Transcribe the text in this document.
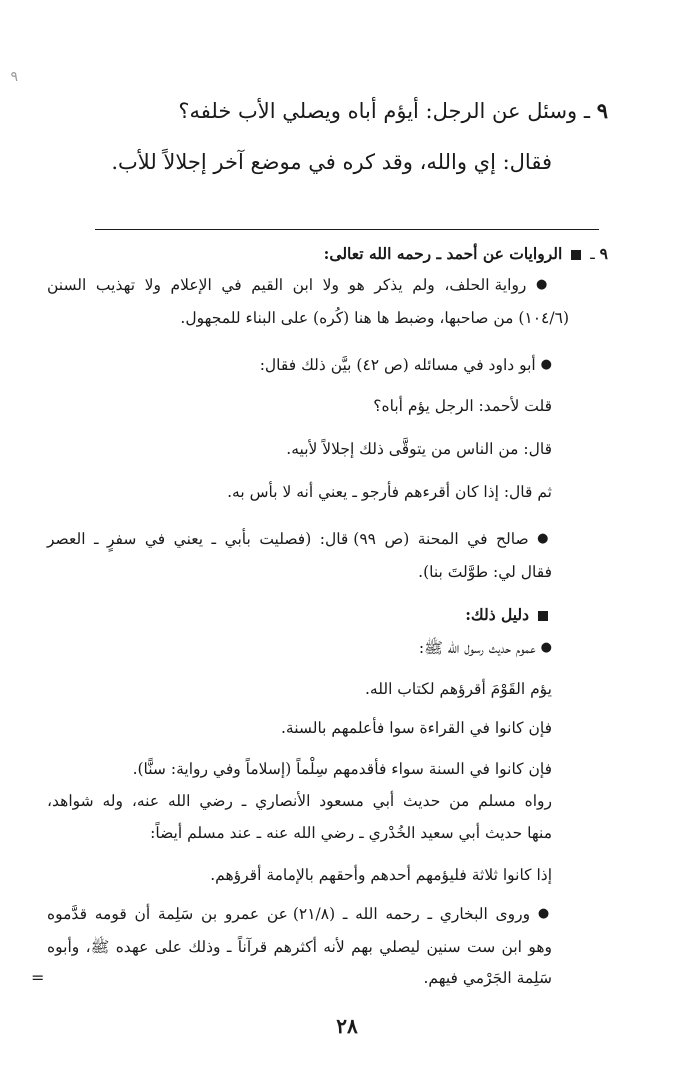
٩
٩ ـ وسئل عن الرجل: أيؤم أباه ويصلي الأب خلفه؟
فقال: إي والله، وقد كره في موضع آخر إجلالاً للأب.
٩ ـ  الروايات عن أحمد ـ رحمه الله تعالى:
● رواية الحلف، ولم يذكر هو ولا ابن القيم في الإعلام ولا تهذيب السنن
(١٠٤/٦) من صاحبها، وضبط ها هنا (كُره) على البناء للمجهول.
● أبو داود في مسائله (ص ٤٢) بيَّن ذلك فقال:
قلت لأحمد: الرجل يؤم أباه؟
قال: من الناس من يتوقَّى ذلك إجلالاً لأبيه.
ثم قال: إذا كان أقرءهم فأرجو ـ يعني أنه لا بأس به.
● صالح في المحنة (ص ٩٩) قال: (فصليت بأبي ـ يعني في سفرٍ ـ العصر
فقال لي: طوَّلتَ بنا).
دليل ذلك:
● عموم حديث رسول الله ﷺ:
يؤم القَوْمَ أقرؤهم لكتاب الله.
فإن كانوا في القراءة سوا فأعلمهم بالسنة.
فإن كانوا في السنة سواء فأقدمهم سِلْماً (إسلاماً وفي رواية: سنًّا).
رواه مسلم من حديث أبي مسعود الأنصاري ـ رضي الله عنه، وله شواهد،
منها حديث أبي سعيد الخُدْري ـ رضي الله عنه ـ عند مسلم أيضاً:
إذا كانوا ثلاثة فليؤمهم أحدهم وأحقهم بالإمامة أقرؤهم.
● وروى البخاري ـ رحمه الله ـ (٢١/٨) عن عمرو بن سَلِمة أن قومه قدَّموه
وهو ابن ست سنين ليصلي بهم لأنه أكثرهم قرآناً ـ وذلك على عهده ﷺ، وأبوه
سَلِمة الجَرْمي فيهم.
=
٢٨
